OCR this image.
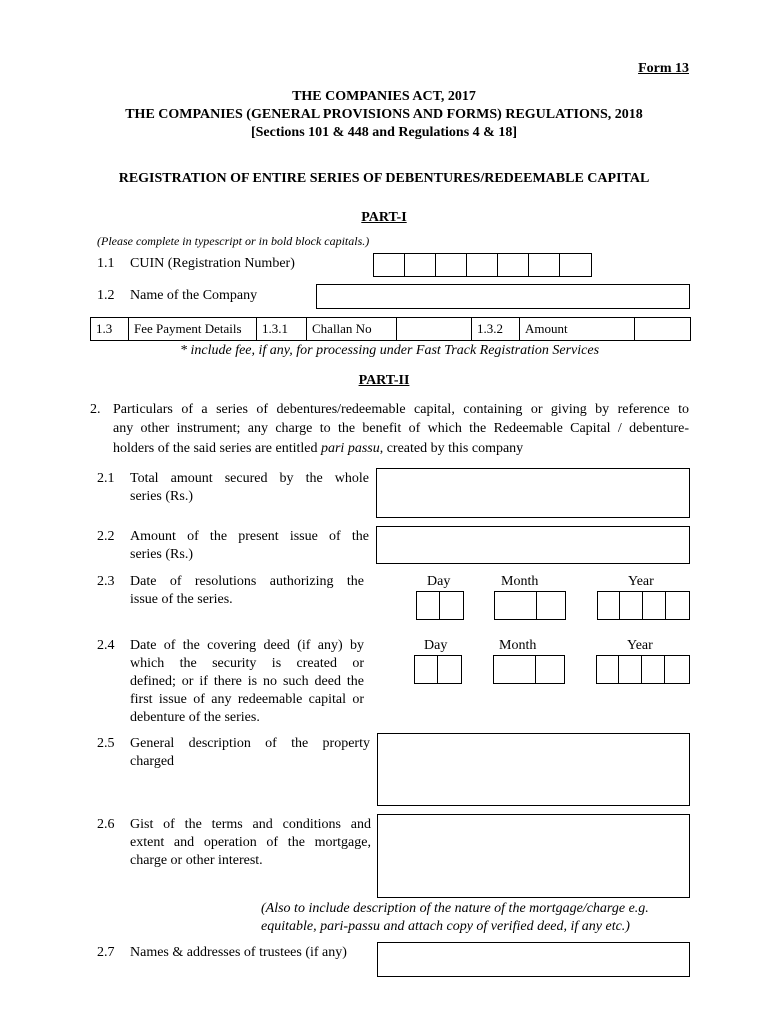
Form 13
THE COMPANIES ACT, 2017
THE COMPANIES (GENERAL PROVISIONS AND FORMS) REGULATIONS, 2018
[Sections 101 & 448 and Regulations 4 & 18]
REGISTRATION OF ENTIRE SERIES OF DEBENTURES/REDEEMABLE CAPITAL
PART-I
(Please complete in typescript or in bold block capitals.)
1.1 CUIN (Registration Number)
1.2 Name of the Company
1.3	Fee Payment Details	1.3.1	Challan No		1.3.2	Amount	
* include fee, if any, for processing under Fast Track Registration Services
PART-II
2. Particulars of a series of debentures/redeemable capital, containing or giving by reference to
any other instrument; any charge to the benefit of which the Redeemable Capital / debenture-
holders of the said series are entitled pari passu, created by this company
2.1 Total amount secured by the whole
series (Rs.)
2.2 Amount of the present issue of the
series (Rs.)
2.3 Date of resolutions authorizing the
issue of the series.
Day	Month	Year
2.4 Date of the covering deed (if any) by
which the security is created or
defined; or if there is no such deed the
first issue of any redeemable capital or
debenture of the series.
Day	Month	Year
2.5 General description of the property
charged
2.6 Gist of the terms and conditions and
extent and operation of the mortgage,
charge or other interest.
(Also to include description of the nature of the mortgage/charge e.g.
equitable, pari-passu and attach copy of verified deed, if any etc.)
2.7 Names & addresses of trustees (if any)
